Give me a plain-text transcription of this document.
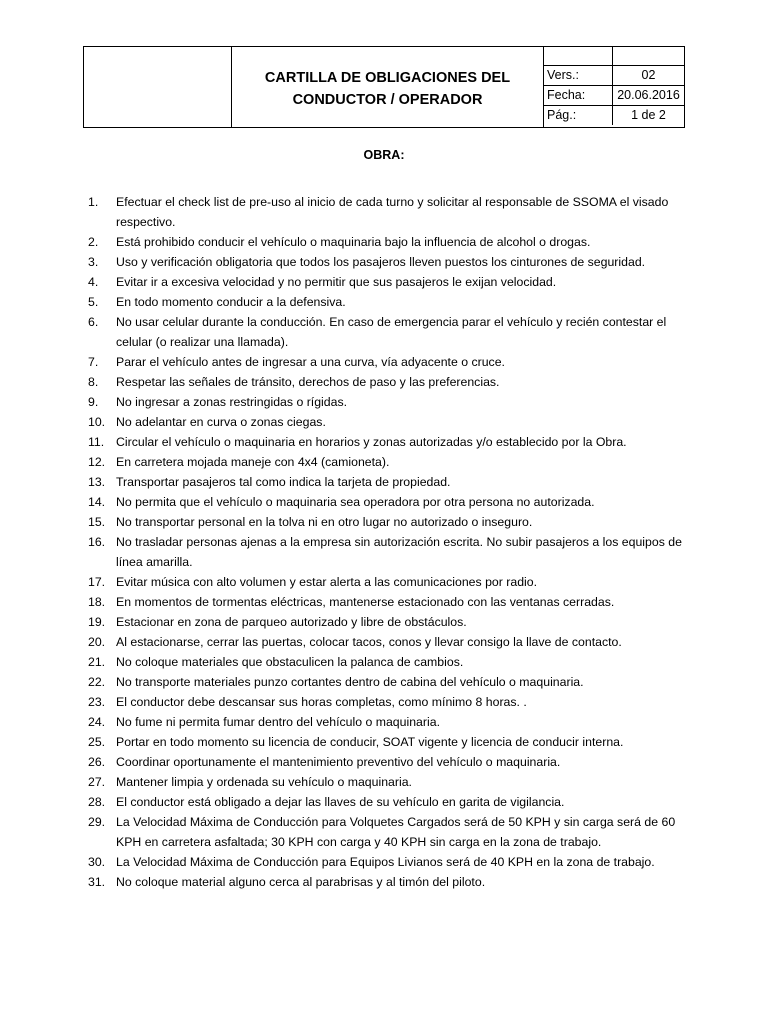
CARTILLA DE OBLIGACIONES DEL
CONDUCTOR / OPERADOR

Vers.:	02
Fecha:	20.06.2016
Pág.:	1 de 2
OBRA:
1.	Efectuar el check list de pre-uso al inicio de cada turno y solicitar al responsable de SSOMA el visado respectivo.
2.	Está prohibido conducir el vehículo o maquinaria bajo la influencia de alcohol o drogas.
3.	Uso y verificación obligatoria que todos los pasajeros lleven puestos los cinturones de seguridad.
4.	Evitar ir a excesiva velocidad y no permitir que sus pasajeros le exijan velocidad.
5.	En todo momento conducir a la defensiva.
6.	No usar celular durante la conducción. En caso de emergencia parar el vehículo y recién contestar el celular (o realizar una llamada).
7.	Parar el vehículo antes de ingresar a una curva, vía adyacente o cruce.
8.	Respetar las señales de tránsito, derechos de paso y las preferencias.
9.	No ingresar a zonas restringidas o rígidas.
10. No adelantar en curva o zonas ciegas.
11. Circular el vehículo o maquinaria en horarios y zonas autorizadas y/o establecido por la Obra.
12. En carretera mojada maneje con 4x4 (camioneta).
13. Transportar pasajeros tal como indica la tarjeta de propiedad.
14. No permita que el vehículo o maquinaria sea operadora por otra persona no autorizada.
15. No transportar personal en la tolva ni en otro lugar no autorizado o inseguro.
16. No trasladar personas ajenas a la empresa sin autorización escrita. No subir pasajeros a los equipos de línea amarilla.
17. Evitar música con alto volumen y estar alerta a las comunicaciones por radio.
18. En momentos de tormentas eléctricas, mantenerse estacionado con las ventanas cerradas.
19. Estacionar en zona de parqueo autorizado y libre de obstáculos.
20. Al estacionarse, cerrar las puertas, colocar tacos, conos y llevar consigo la llave de contacto.
21. No coloque materiales que obstaculicen la palanca de cambios.
22. No transporte materiales punzo cortantes dentro de cabina del vehículo o maquinaria.
23. El conductor debe descansar sus horas completas, como mínimo 8 horas. .
24. No fume ni permita fumar dentro del vehículo o maquinaria.
25. Portar en todo momento su licencia de conducir, SOAT vigente y licencia de conducir interna.
26. Coordinar oportunamente el mantenimiento preventivo del vehículo o maquinaria.
27. Mantener limpia y ordenada su vehículo o maquinaria.
28. El conductor está obligado a dejar las llaves de su vehículo en garita de vigilancia.
29. La Velocidad Máxima de Conducción para Volquetes Cargados será de 50 KPH y sin carga será de 60 KPH en carretera asfaltada; 30 KPH con carga y 40 KPH sin carga en la zona de trabajo.
30. La Velocidad Máxima de Conducción para Equipos Livianos será de 40 KPH en la zona de trabajo.
31. No coloque material alguno cerca al parabrisas y al timón del piloto.
